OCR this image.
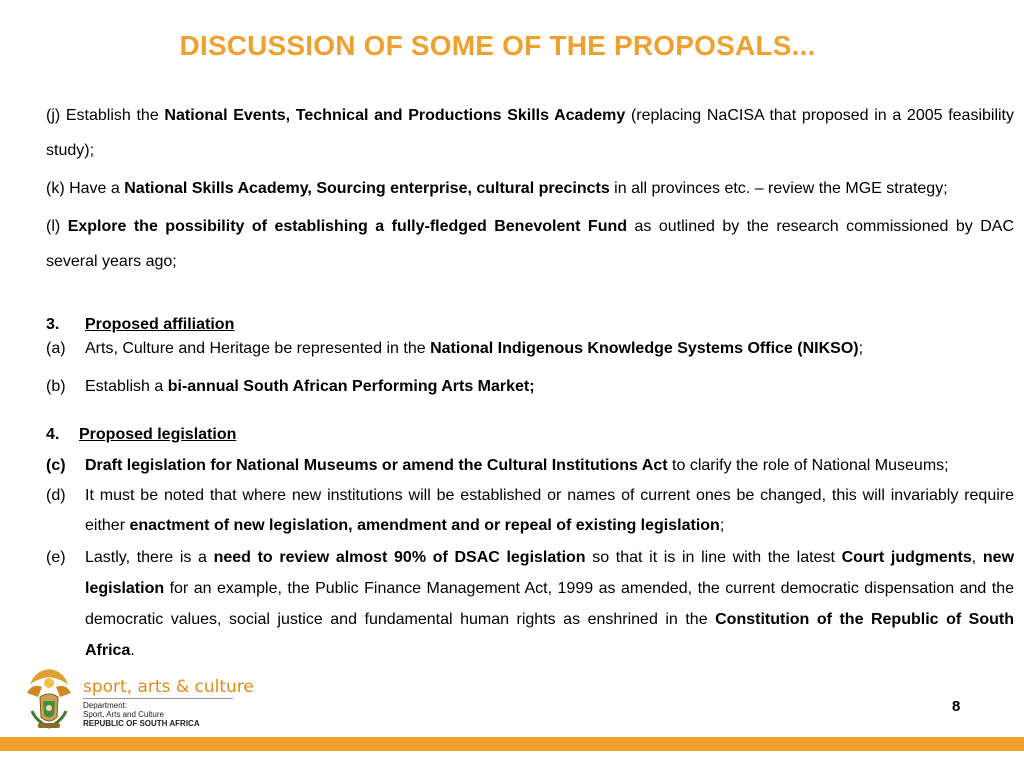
DISCUSSION OF SOME OF THE PROPOSALS...
(j) Establish the National Events, Technical and Productions Skills Academy (replacing NaCISA that proposed in a 2005 feasibility study);
(k) Have a National Skills Academy, Sourcing enterprise, cultural precincts in all provinces etc. – review the MGE strategy;
(l) Explore the possibility of establishing a fully-fledged Benevolent Fund as outlined by the research commissioned by DAC several years ago;
3. Proposed affiliation
(a)	Arts, Culture and Heritage be represented in the National Indigenous Knowledge Systems Office (NIKSO);
(b)	Establish a bi-annual South African Performing Arts Market;
4. Proposed legislation
(c)	Draft legislation for National Museums or amend the Cultural Institutions Act to clarify the role of National Museums;
(d)	It must be noted that where new institutions will be established or names of current ones be changed, this will invariably require either enactment of new legislation, amendment and or repeal of existing legislation;
(e)	Lastly, there is a need to review almost 90% of DSAC legislation so that it is in line with the latest Court judgments, new legislation for an example, the Public Finance Management Act, 1999 as amended, the current democratic dispensation and the democratic values, social justice and fundamental human rights as enshrined in the Constitution of the Republic of South Africa.
sport, arts & culture
Department:
Sport, Arts and Culture
REPUBLIC OF SOUTH AFRICA
8
